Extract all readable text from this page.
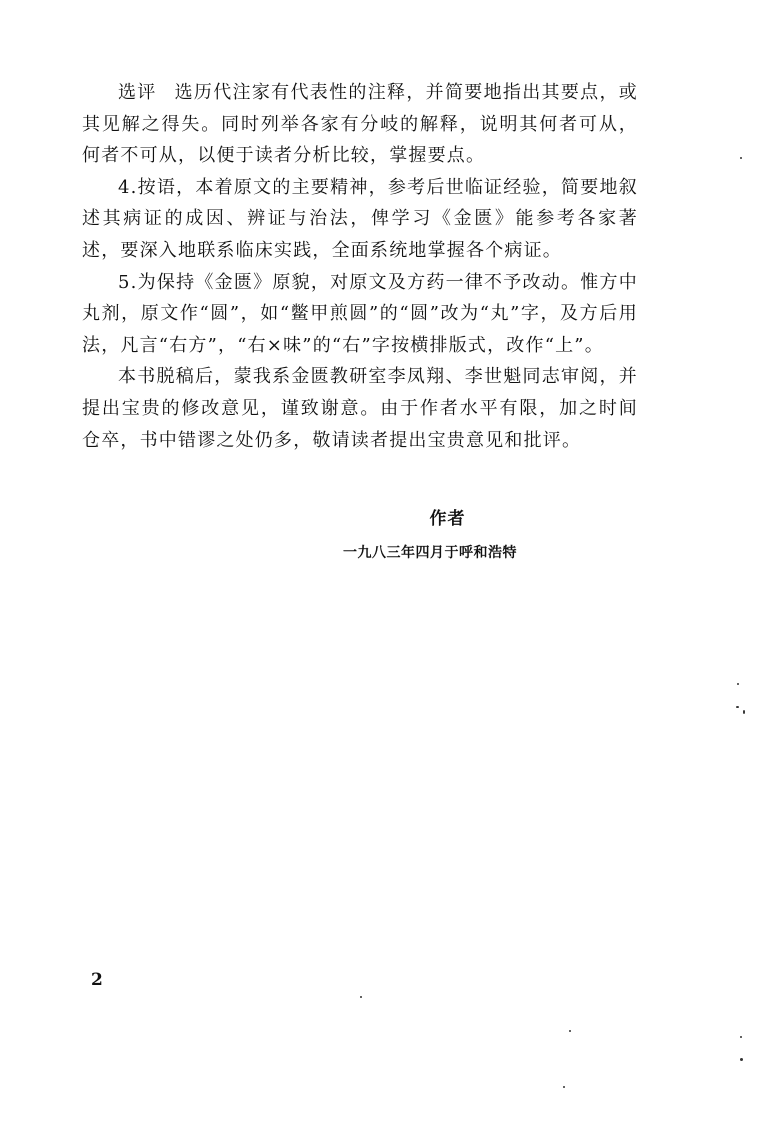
选评 选历代注家有代表性的注释，并简要地指出其要点，或其见解之得失。同时列举各家有分岐的解释，说明其何者可从，何者不可从，以便于读者分析比较，掌握要点。

4.按语，本着原文的主要精神，参考后世临证经验，简要地叙述其病证的成因、辨证与治法，俾学习《金匮》能参考各家著述，要深入地联系临床实践，全面系统地掌握各个病证。

5.为保持《金匮》原貌，对原文及方药一律不予改动。惟方中丸剂，原文作“圆”，如“鳖甲煎圆”的“圆”改为“丸”字，及方后用法，凡言“右方”，“右×味”的“右”字按横排版式，改作“上”。

本书脱稿后，蒙我系金匮教研室李凤翔、李世魁同志审阅，并提出宝贵的修改意见，谨致谢意。由于作者水平有限，加之时间仓卒，书中错谬之处仍多，敬请读者提出宝贵意见和批评。

作者
一九八三年四月于呼和浩特
2
